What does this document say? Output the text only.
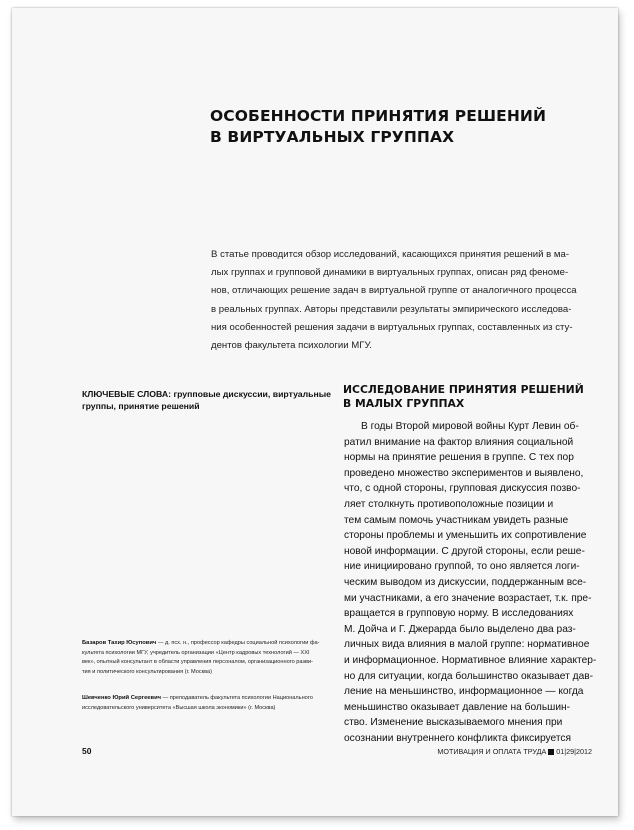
ОСОБЕННОСТИ ПРИНЯТИЯ РЕШЕНИЙ
В ВИРТУАЛЬНЫХ ГРУППАХ
В статье проводится обзор исследований, касающихся принятия решений в ма-
лых группах и групповой динамики в виртуальных группах, описан ряд феноме-
нов, отличающих решение задач в виртуальной группе от аналогичного процесса
в реальных группах. Авторы представили результаты эмпирического исследова-
ния особенностей решения задачи в виртуальных группах, составленных из сту-
дентов факультета психологии МГУ.
КЛЮЧЕВЫЕ СЛОВА: групповые дискуссии, виртуальные
группы, принятие решений
ИССЛЕДОВАНИЕ ПРИНЯТИЯ РЕШЕНИЙ
В МАЛЫХ ГРУППАХ
В годы Второй мировой войны Курт Левин об-
ратил внимание на фактор влияния социальной
нормы на принятие решения в группе. С тех пор
проведено множество экспериментов и выявлено,
что, с одной стороны, групповая дискуссия позво-
ляет столкнуть противоположные позиции и
тем самым помочь участникам увидеть разные
стороны проблемы и уменьшить их сопротивление
новой информации. С другой стороны, если реше-
ние инициировано группой, то оно является логи-
ческим выводом из дискуссии, поддержанным все-
ми участниками, а его значение возрастает, т.к. пре-
вращается в групповую норму. В исследованиях
М. Дойча и Г. Джерарда было выделено два раз-
личных вида влияния в малой группе: нормативное
и информационное. Нормативное влияние характер-
но для ситуации, когда большинство оказывает дав-
ление на меньшинство, информационное — когда
меньшинство оказывает давление на большин-
ство. Изменение высказываемого мнения при
осознании внутреннего конфликта фиксируется
Базаров Тахир Юсупович — д. псх. н., профессор кафедры социальной психологии фа-
культета психологии МГУ, учредитель организации «Центр кадровых технологий — XXI
век», опытный консультант в области управления персоналом, организационного разви-
тия и политического консультирования (г. Москва)
Шевченко Юрий Сергеевич — преподаватель факультета психологии Национального
исследовательского университета «Высшая школа экономики» (г. Москва)
50	МОТИВАЦИЯ И ОПЛАТА ТРУДА 01|29|2012
